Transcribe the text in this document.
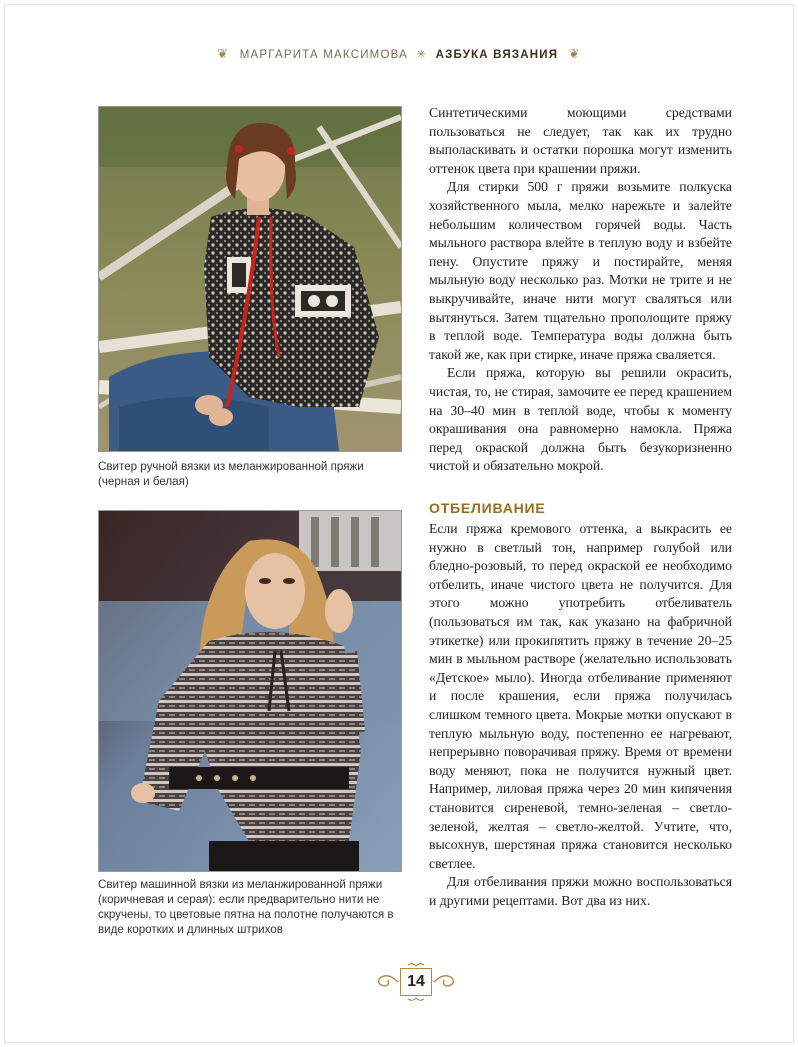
❦ МАРГАРИТА МАКСИМОВА ✳ АЗБУКА ВЯЗАНИЯ ❦
Свитер ручной вязки из меланжированной пряжи (черная и белая)
Свитер машинной вязки из меланжированной пряжи (коричневая и серая): если предварительно нити не скручены, то цветовые пятна на полотне получаются в виде коротких и длинных штрихов

Синтетическими моющими средствами пользоваться не следует, так как их трудно выполаскивать и остатки порошка могут изменить оттенок цвета при крашении пряжи.

Для стирки 500 г пряжи возьмите полкуска хозяйственного мыла, мелко нарежьте и залейте небольшим количеством горячей воды. Часть мыльного раствора влейте в теплую воду и взбейте пену. Опустите пряжу и постирайте, меняя мыльную воду несколько раз. Мотки не трите и не выкручивайте, иначе нити могут сваляться или вытянуться. Затем тщательно прополощите пряжу в теплой воде. Температура воды должна быть такой же, как при стирке, иначе пряжа сваляется.

Если пряжа, которую вы решили окрасить, чистая, то, не стирая, замочите ее перед крашением на 30–40 мин в теплой воде, чтобы к моменту окрашивания она равномерно намокла. Пряжа перед окраской должна быть безукоризненно чистой и обязательно мокрой.

ОТБЕЛИВАНИЕ

Если пряжа кремового оттенка, а выкрасить ее нужно в светлый тон, например голубой или бледно-розовый, то перед окраской ее необходимо отбелить, иначе чистого цвета не получится. Для этого можно употребить отбеливатель (пользоваться им так, как указано на фабричной этикетке) или прокипятить пряжу в течение 20–25 мин в мыльном растворе (желательно использовать «Детское» мыло). Иногда отбеливание применяют и после крашения, если пряжа получилась слишком темного цвета. Мокрые мотки опускают в теплую мыльную воду, постепенно ее нагревают, непрерывно поворачивая пряжу. Время от времени воду меняют, пока не получится нужный цвет. Например, лиловая пряжа через 20 мин кипячения становится сиреневой, темно-зеленая – светло-зеленой, желтая – светло-желтой. Учтите, что, высохнув, шерстяная пряжа становится несколько светлее.

Для отбеливания пряжи можно воспользоваться и другими рецептами. Вот два из них.

14
